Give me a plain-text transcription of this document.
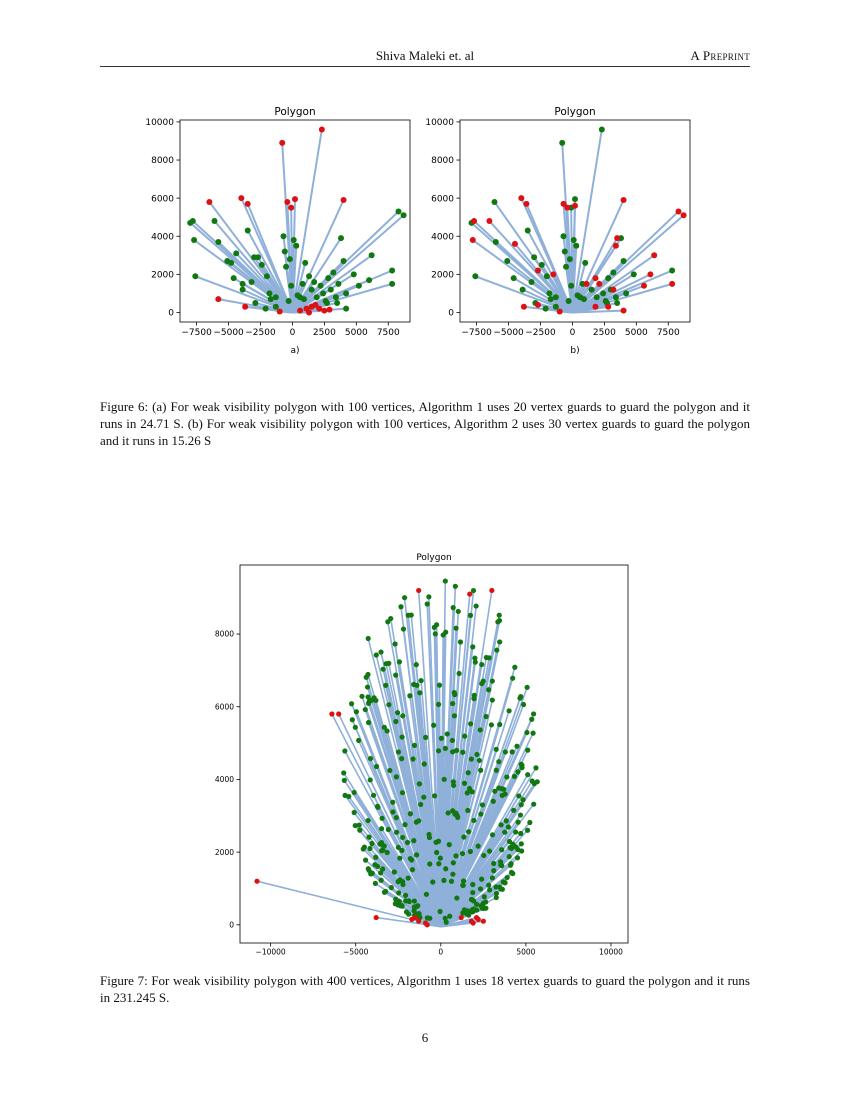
Shiva Maleki et. al	A Preprint
Polygon
−7500 −5000 −2500 0 2500 5000 7500
0
2000
4000
6000
8000
10000
a)
Polygon
−7500 −5000 −2500 0 2500 5000 7500
0
2000
4000
6000
8000
10000
b)
Figure 6: (a) For weak visibility polygon with 100 vertices, Algorithm 1 uses 20 vertex guards to guard the polygon and it runs in 24.71 S. (b) For weak visibility polygon with 100 vertices, Algorithm 2 uses 30 vertex guards to guard the polygon and it runs in 15.26 S
Polygon
−10000	−5000	0	5000	10000
0
2000
4000
6000
8000
Figure 7: For weak visibility polygon with 400 vertices, Algorithm 1 uses 18 vertex guards to guard the polygon and it runs in 231.245 S.
6
